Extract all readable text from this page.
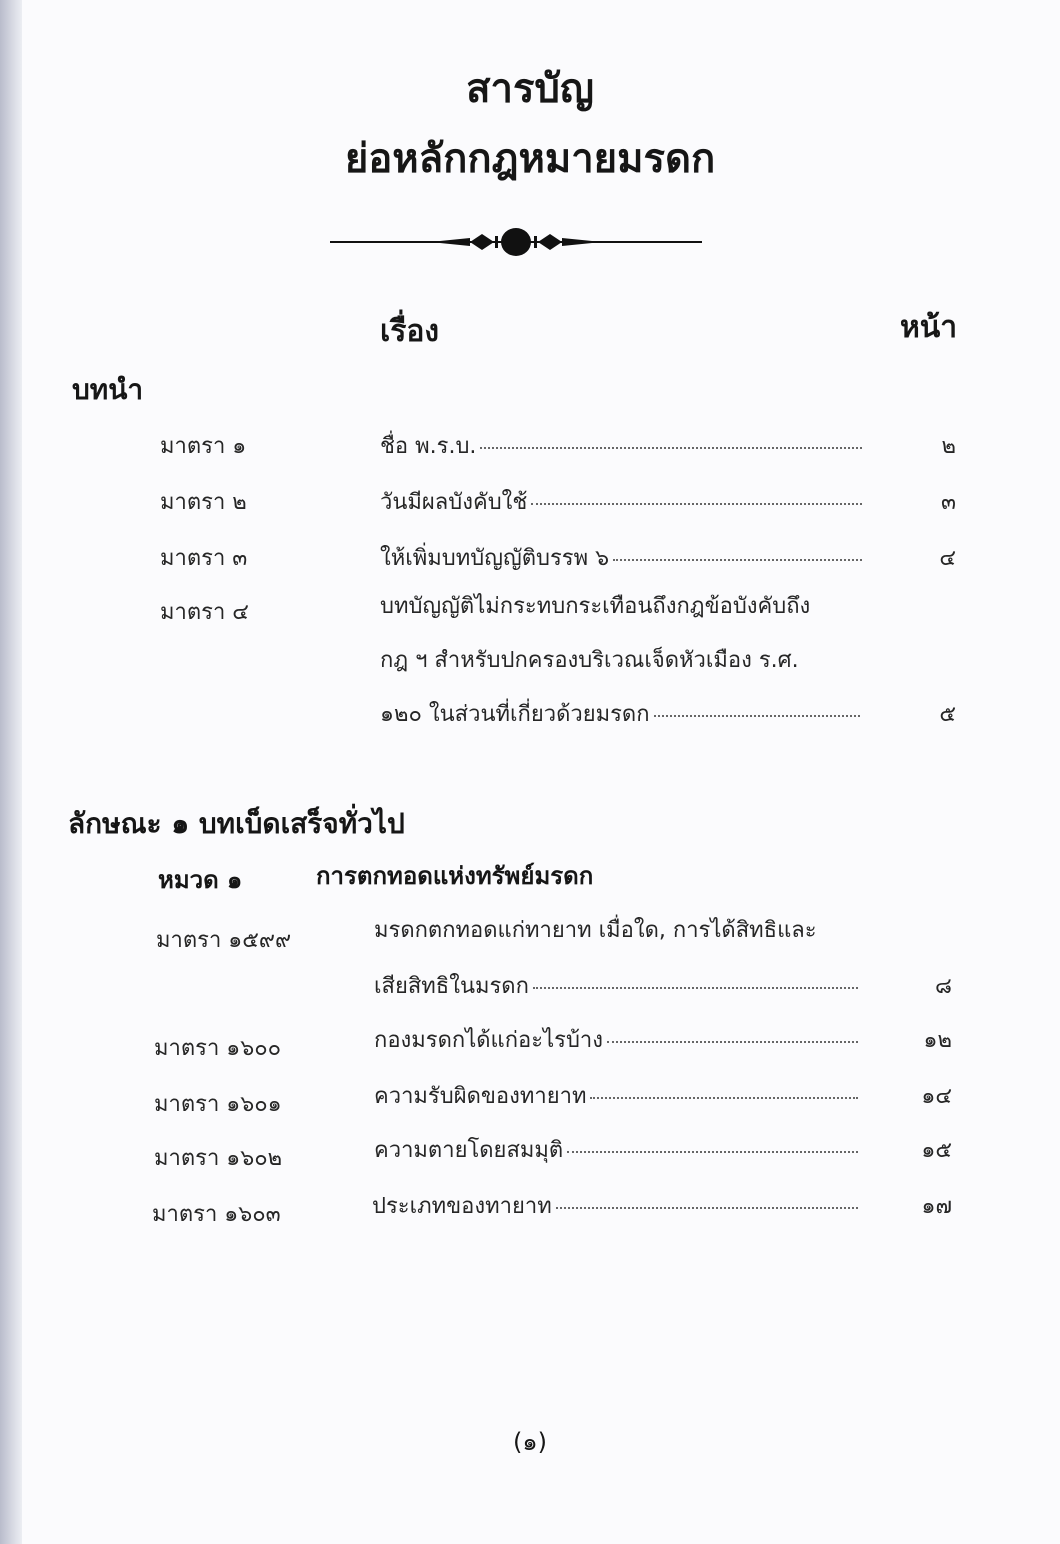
สารบัญ
ย่อหลักกฎหมายมรดก
เรื่อง	หน้า
บทนำ
มาตรา ๑	ชื่อ พ.ร.บ.	๒
มาตรา ๒	วันมีผลบังคับใช้	๓
มาตรา ๓	ให้เพิ่มบทบัญญัติบรรพ ๖	๔
มาตรา ๔	บทบัญญัติไม่กระทบกระเทือนถึงกฎข้อบังคับถึง
กฎ ฯ สำหรับปกครองบริเวณเจ็ดหัวเมือง ร.ศ.
๑๒๐ ในส่วนที่เกี่ยวด้วยมรดก	๕
ลักษณะ ๑ บทเบ็ดเสร็จทั่วไป
หมวด ๑	การตกทอดแห่งทรัพย์มรดก
มาตรา ๑๕๙๙	มรดกตกทอดแก่ทายาท เมื่อใด, การได้สิทธิและ
เสียสิทธิในมรดก	๘
มาตรา ๑๖๐๐	กองมรดกได้แก่อะไรบ้าง	๑๒
มาตรา ๑๖๐๑	ความรับผิดของทายาท	๑๔
มาตรา ๑๖๐๒	ความตายโดยสมมุติ	๑๕
มาตรา ๑๖๐๓	ประเภทของทายาท	๑๗
(๑)
